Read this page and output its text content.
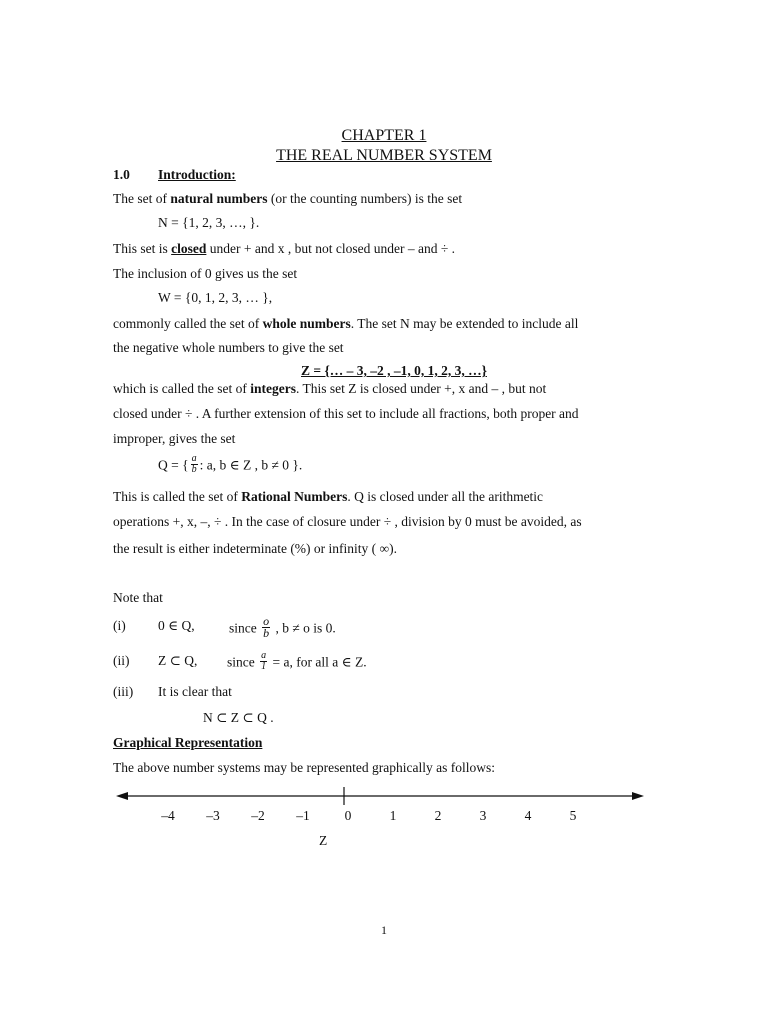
CHAPTER 1
THE REAL NUMBER SYSTEM
1.0 Introduction:
The set of natural numbers (or the counting numbers) is the set
N = {1, 2, 3, …, }.
This set is closed under + and x , but not closed under – and ÷ .
The inclusion of 0 gives us the set
W = {0, 1, 2, 3, … },
commonly called the set of whole numbers. The set N may be extended to include all
the negative whole numbers to give the set
Z = {… – 3, –2 , –1, 0, 1, 2, 3, …}
which is called the set of integers. This set Z is closed under +, x and – , but not
closed under ÷ . A further extension of this set to include all fractions, both proper and
improper, gives the set
Q = { $\frac{a}{b}$ : a, b ∈ Z , b ≠ 0 }.
This is called the set of Rational Numbers. Q is closed under all the arithmetic
operations +, x, –, ÷ . In the case of closure under ÷ , division by 0 must be avoided, as
the result is either indeterminate (%) or infinity ( ∞).
Note that
(i) 0 ∈ Q,	since $\frac{o}{b}$ , b ≠ o is 0.
(ii) Z ⊂ Q, since $\frac{a}{1} = a$, for all a ∈ Z.
(iii) It is clear that
N ⊂ Z ⊂ Q .
Graphical Representation
The above number systems may be represented graphically as follows:
–4 –3 –2 –1	0	1	2	3	4	5
Z
1
